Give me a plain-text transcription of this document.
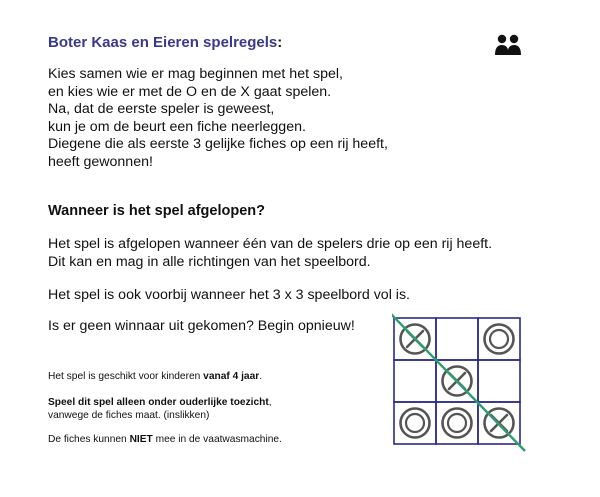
Boter Kaas en Eieren spelregels:
Kies samen wie er mag beginnen met het spel,
en kies wie er met de O en de X gaat spelen.
Na, dat de eerste speler is geweest,
kun je om de beurt een fiche neerleggen.
Diegene die als eerste 3 gelijke fiches op een rij heeft,
heeft gewonnen!
Wanneer is het spel afgelopen?
Het spel is afgelopen wanneer één van de spelers drie op een rij heeft.
Dit kan en mag in alle richtingen van het speelbord.
Het spel is ook voorbij wanneer het 3 x 3 speelbord vol is.
Is er geen winnaar uit gekomen? Begin opnieuw!
Het spel is geschikt voor kinderen vanaf 4 jaar.
Speel dit spel alleen onder ouderlijke toezicht,
vanwege de fiches maat. (inslikken)
De fiches kunnen NIET mee in de vaatwasmachine.
